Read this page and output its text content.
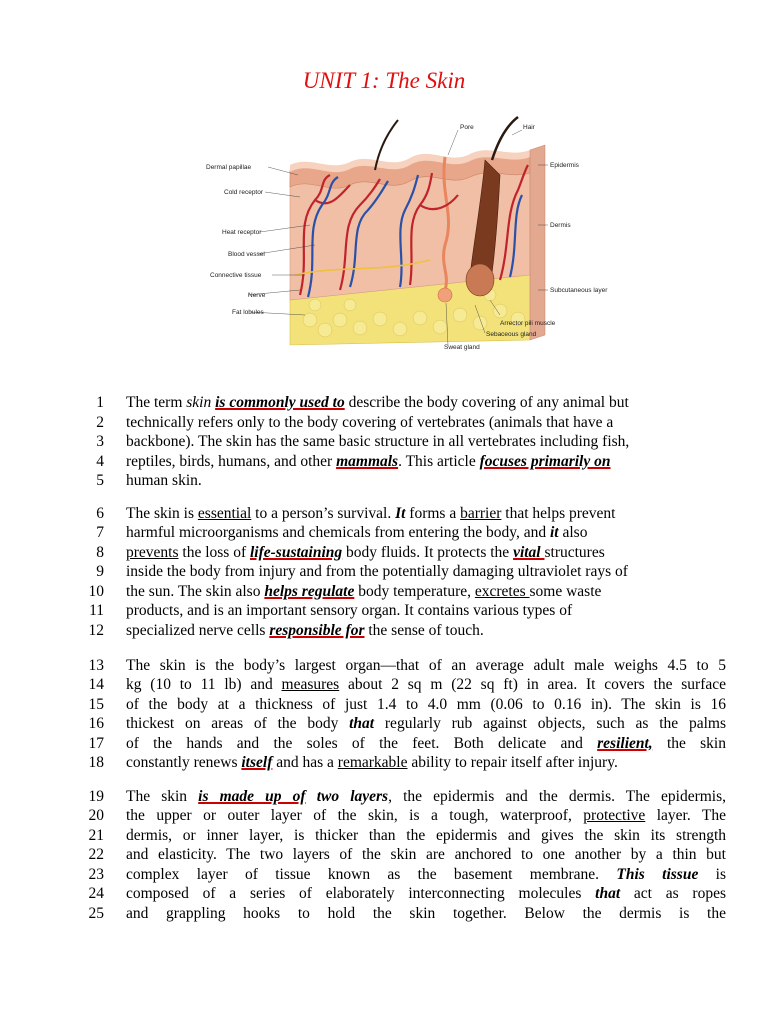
UNIT 1: The Skin
Dermal papillae
Cold receptor
Heat receptor
Blood vessel
Connective tissue
Nerve
Fat lobules
Pore	Hair
Epidermis
Dermis
Subcutaneous layer
Arrector pili muscle
Sebaceous gland
Sweat gland
1 The term skin is commonly used to describe the body covering of any animal but
2 technically refers only to the body covering of vertebrates (animals that have a
3 backbone). The skin has the same basic structure in all vertebrates including fish,
4 reptiles, birds, humans, and other mammals. This article focuses primarily on
5 human skin.
6 The skin is essential to a person’s survival. It forms a barrier that helps prevent
7 harmful microorganisms and chemicals from entering the body, and it also
8 prevents the loss of life-sustaining body fluids. It protects the vital structures
9 inside the body from injury and from the potentially damaging ultraviolet rays of
10 the sun. The skin also helps regulate body temperature, excretes some waste
11 products, and is an important sensory organ. It contains various types of
12 specialized nerve cells responsible for the sense of touch.
13 The skin is the body’s largest organ—that of an average adult male weighs 4.5 to 5
14 kg (10 to 11 lb) and measures about 2 sq m (22 sq ft) in area. It covers the surface
15 of the body at a thickness of just 1.4 to 4.0 mm (0.06 to 0.16 in). The skin is 16
16 thickest on areas of the body that regularly rub against objects, such as the palms
17 of the hands and the soles of the feet. Both delicate and resilient, the skin
18 constantly renews itself and has a remarkable ability to repair itself after injury.
19 The skin is made up of two layers, the epidermis and the dermis. The epidermis,
20 the upper or outer layer of the skin, is a tough, waterproof, protective layer. The
21 dermis, or inner layer, is thicker than the epidermis and gives the skin its strength
22 and elasticity. The two layers of the skin are anchored to one another by a thin but
23 complex layer of tissue known as the basement membrane. This tissue is
24 composed of a series of elaborately interconnecting molecules that act as ropes
25 and grappling hooks to hold the skin together. Below the dermis is the
